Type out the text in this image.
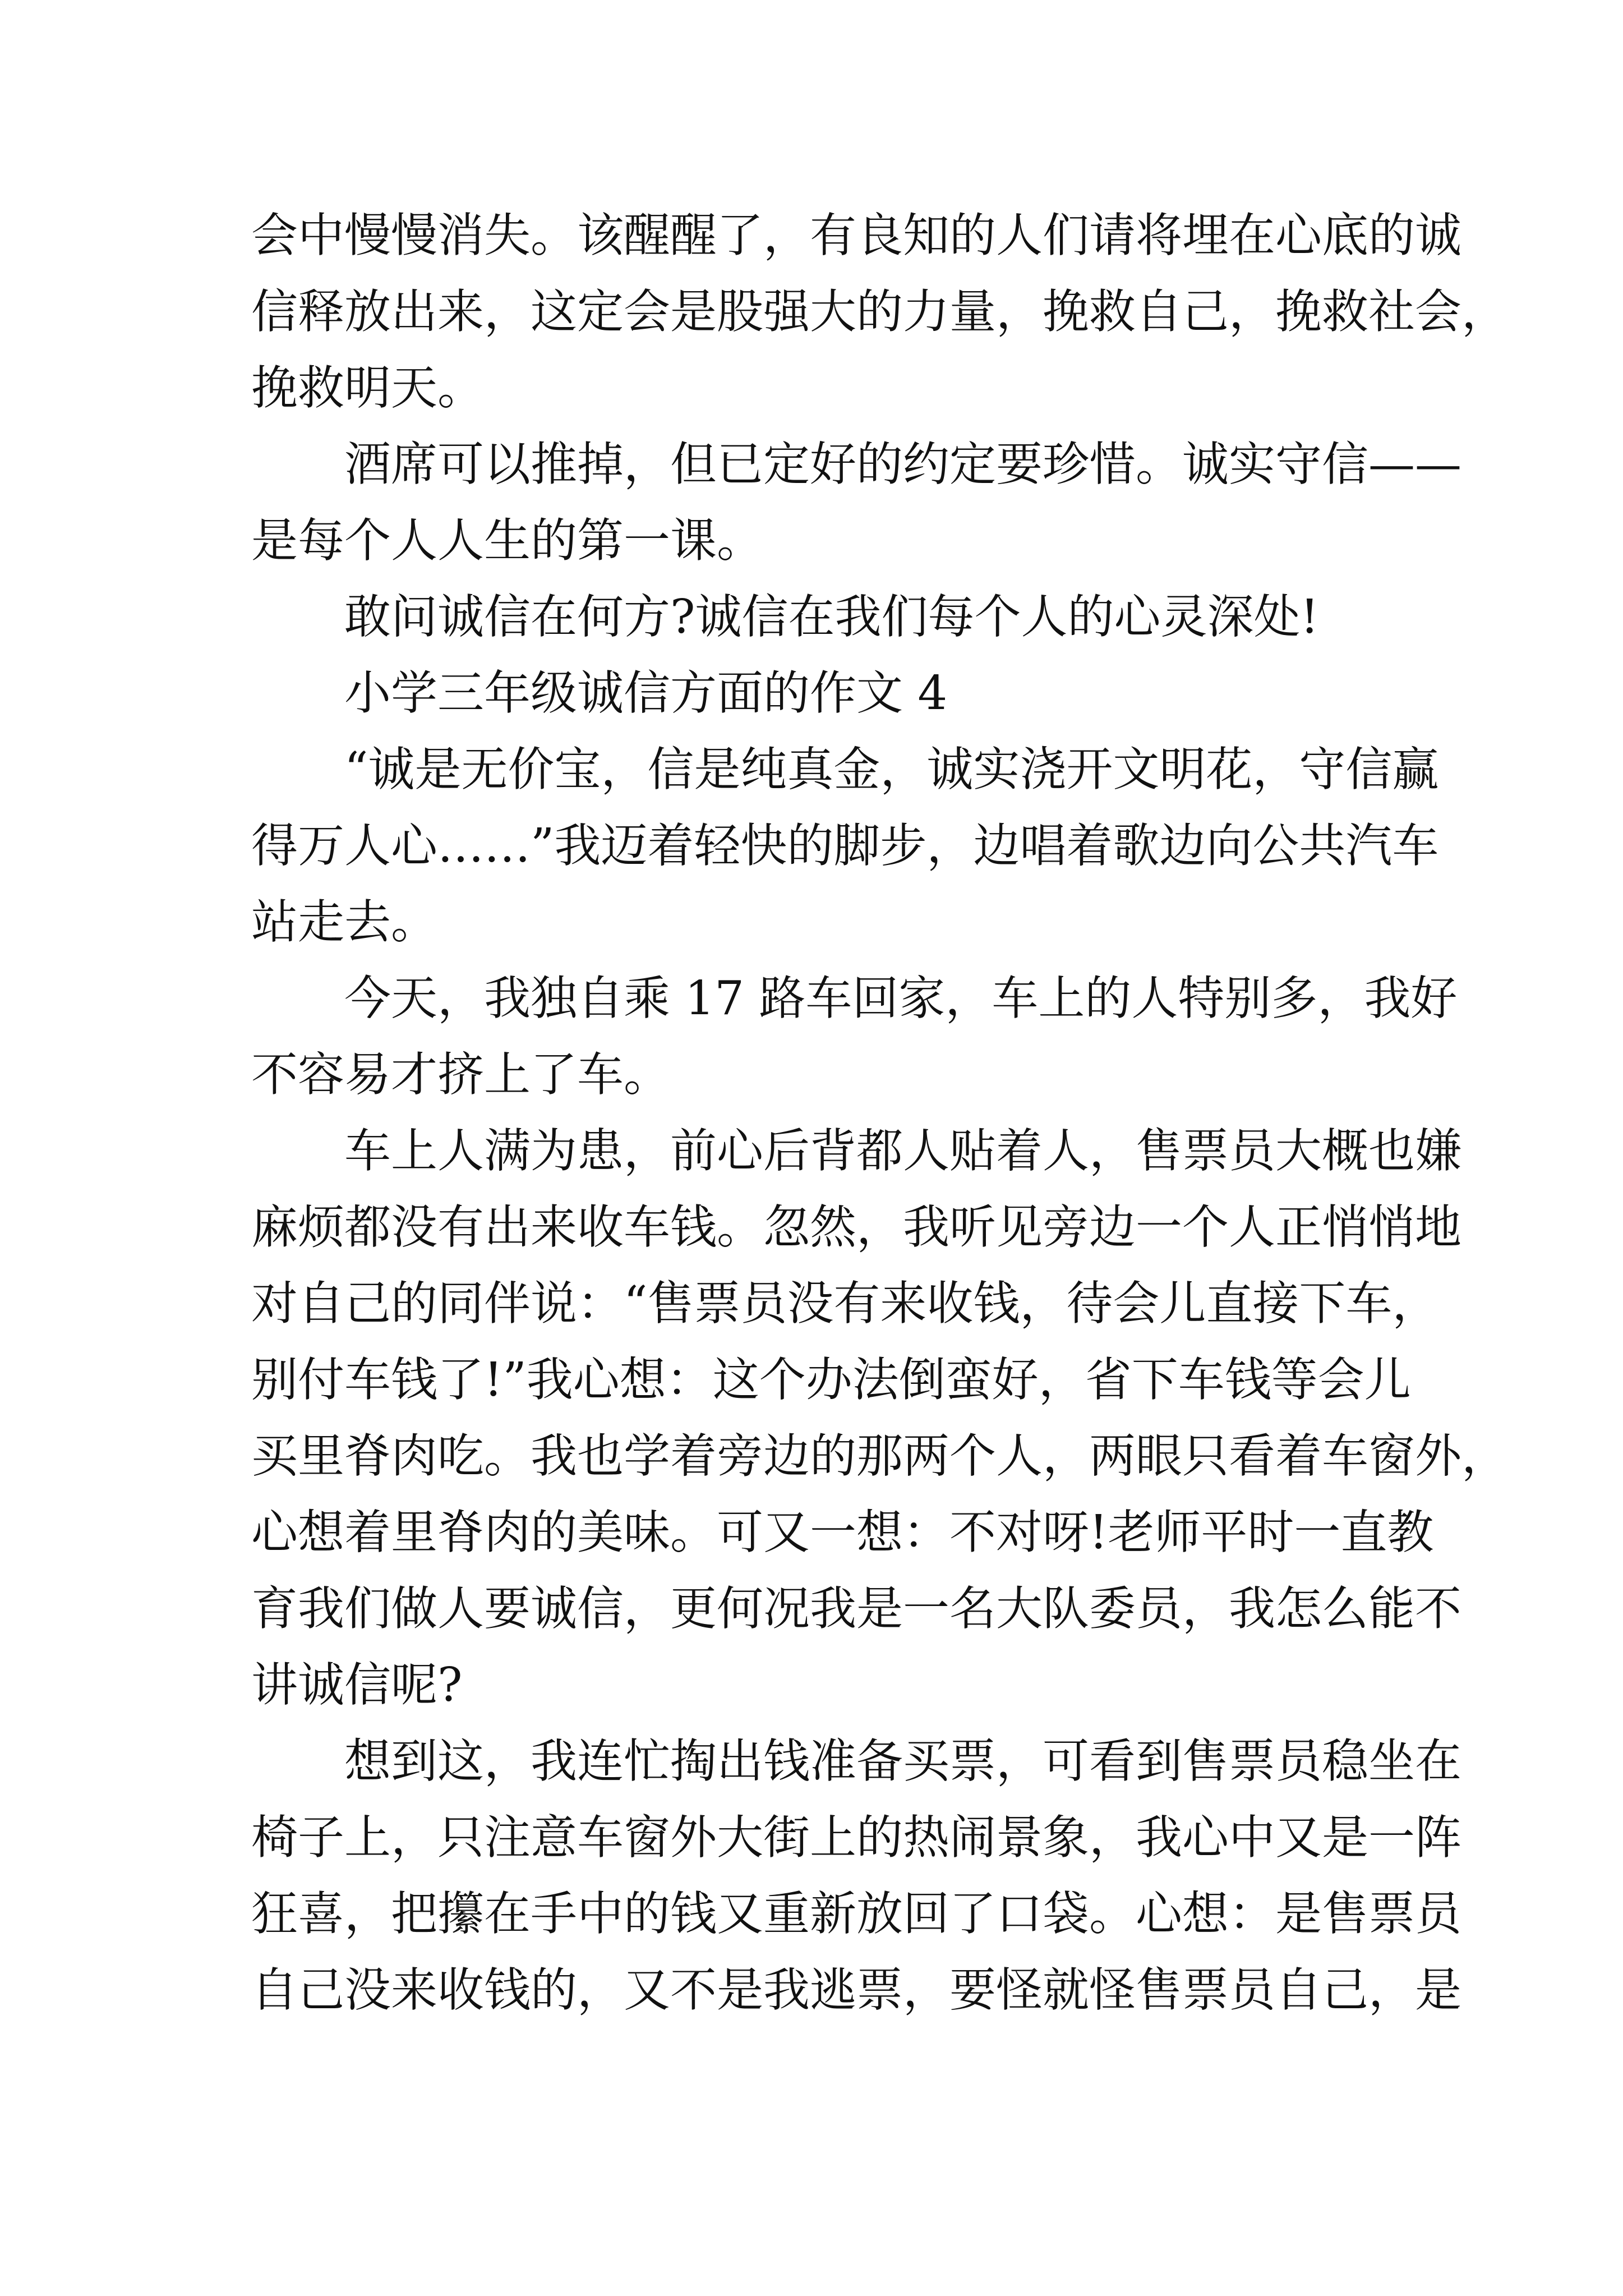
会中慢慢消失。该醒醒了，有良知的人们请将埋在心底的诚
信释放出来，这定会是股强大的力量，挽救自己，挽救社会，
挽救明天。
酒席可以推掉，但已定好的约定要珍惜。诚实守信——
是每个人人生的第一课。
敢问诚信在何方?诚信在我们每个人的心灵深处!
小学三年级诚信方面的作文 4
“诚是无价宝，信是纯真金，诚实浇开文明花，守信赢
得万人心……”我迈着轻快的脚步，边唱着歌边向公共汽车
站走去。
今天，我独自乘 17 路车回家，车上的人特别多，我好
不容易才挤上了车。
车上人满为患，前心后背都人贴着人，售票员大概也嫌
麻烦都没有出来收车钱。忽然，我听见旁边一个人正悄悄地
对自己的同伴说：“售票员没有来收钱，待会儿直接下车，
别付车钱了!”我心想：这个办法倒蛮好，省下车钱等会儿
买里脊肉吃。我也学着旁边的那两个人，两眼只看着车窗外，
心想着里脊肉的美味。可又一想：不对呀!老师平时一直教
育我们做人要诚信，更何况我是一名大队委员，我怎么能不
讲诚信呢?
想到这，我连忙掏出钱准备买票，可看到售票员稳坐在
椅子上，只注意车窗外大街上的热闹景象，我心中又是一阵
狂喜，把攥在手中的钱又重新放回了口袋。心想：是售票员
自己没来收钱的，又不是我逃票，要怪就怪售票员自己，是
